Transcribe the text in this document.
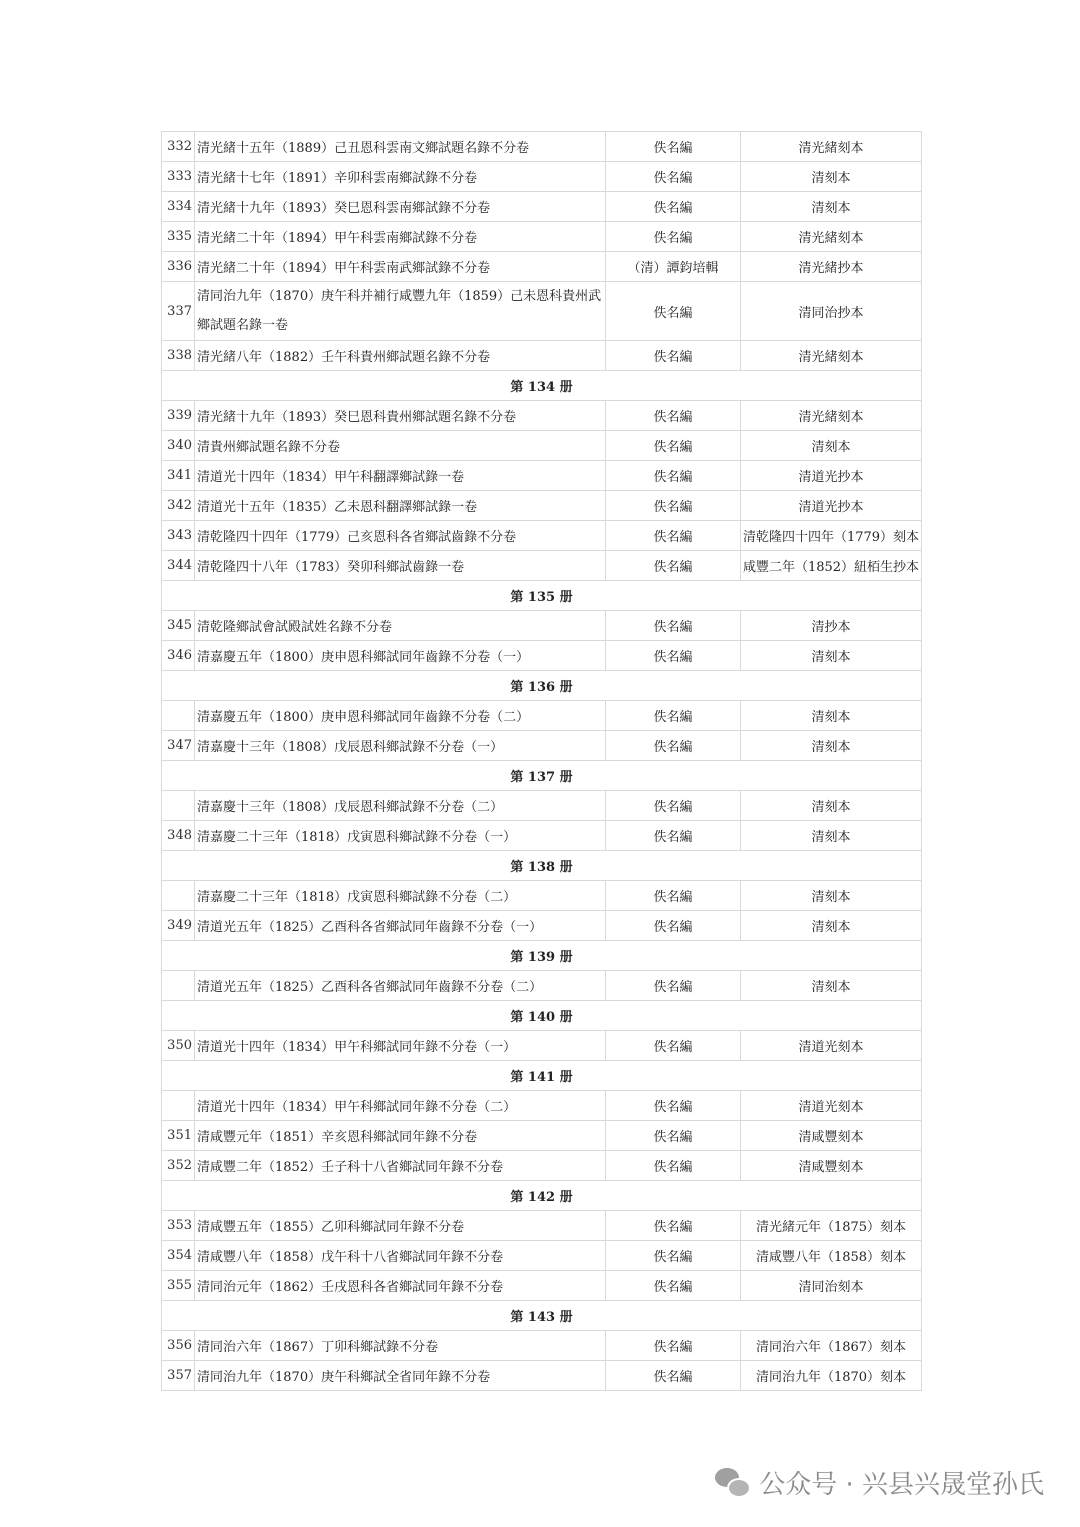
332	清光緒十五年（1889）己丑恩科雲南文鄉試題名錄不分卷	佚名編	清光緒刻本
333	清光緒十七年（1891）辛卯科雲南鄉試錄不分卷	佚名編	清刻本
334	清光緒十九年（1893）癸巳恩科雲南鄉試錄不分卷	佚名編	清刻本
335	清光緒二十年（1894）甲午科雲南鄉試錄不分卷	佚名編	清光緒刻本
336	清光緒二十年（1894）甲午科雲南武鄉試錄不分卷	（清）譚鈞培輯	清光緒抄本
337	清同治九年（1870）庚午科并補行咸豐九年（1859）己未恩科貴州武鄉試題名錄一卷	佚名編	清同治抄本
338	清光緒八年（1882）壬午科貴州鄉試題名錄不分卷	佚名編	清光緒刻本
第 134 册			
339	清光緒十九年（1893）癸巳恩科貴州鄉試題名錄不分卷	佚名編	清光緒刻本
340	清貴州鄉試題名錄不分卷	佚名編	清刻本
341	清道光十四年（1834）甲午科翻譯鄉試錄一卷	佚名編	清道光抄本
342	清道光十五年（1835）乙未恩科翻譯鄉試錄一卷	佚名編	清道光抄本
343	清乾隆四十四年（1779）己亥恩科各省鄉試齒錄不分卷	佚名編	清乾隆四十四年（1779）刻本
344	清乾隆四十八年（1783）癸卯科鄉試齒錄一卷	佚名編	咸豐二年（1852）紐栢生抄本
第 135 册			
345	清乾隆鄉試會試殿試姓名錄不分卷	佚名編	清抄本
346	清嘉慶五年（1800）庚申恩科鄉試同年齒錄不分卷（一）	佚名編	清刻本
第 136 册			
	清嘉慶五年（1800）庚申恩科鄉試同年齒錄不分卷（二）	佚名編	清刻本
347	清嘉慶十三年（1808）戊辰恩科鄉試錄不分卷（一）	佚名編	清刻本
第 137 册			
	清嘉慶十三年（1808）戊辰恩科鄉試錄不分卷（二）	佚名編	清刻本
348	清嘉慶二十三年（1818）戊寅恩科鄉試錄不分卷（一）	佚名編	清刻本
第 138 册			
	清嘉慶二十三年（1818）戊寅恩科鄉試錄不分卷（二）	佚名編	清刻本
349	清道光五年（1825）乙酉科各省鄉試同年齒錄不分卷（一）	佚名編	清刻本
第 139 册			
	清道光五年（1825）乙酉科各省鄉試同年齒錄不分卷（二）	佚名編	清刻本
第 140 册			
350	清道光十四年（1834）甲午科鄉試同年錄不分卷（一）	佚名編	清道光刻本
第 141 册			
	清道光十四年（1834）甲午科鄉試同年錄不分卷（二）	佚名編	清道光刻本
351	清咸豐元年（1851）辛亥恩科鄉試同年錄不分卷	佚名編	清咸豐刻本
352	清咸豐二年（1852）壬子科十八省鄉試同年錄不分卷	佚名編	清咸豐刻本
第 142 册			
353	清咸豐五年（1855）乙卯科鄉試同年錄不分卷	佚名編	清光緒元年（1875）刻本
354	清咸豐八年（1858）戊午科十八省鄉試同年錄不分卷	佚名編	清咸豐八年（1858）刻本
355	清同治元年（1862）壬戌恩科各省鄉試同年錄不分卷	佚名編	清同治刻本
第 143 册			
356	清同治六年（1867）丁卯科鄉試錄不分卷	佚名編	清同治六年（1867）刻本
357	清同治九年（1870）庚午科鄉試全省同年錄不分卷	佚名編	清同治九年（1870）刻本
公众号 · 兴县兴晟堂孙氏
